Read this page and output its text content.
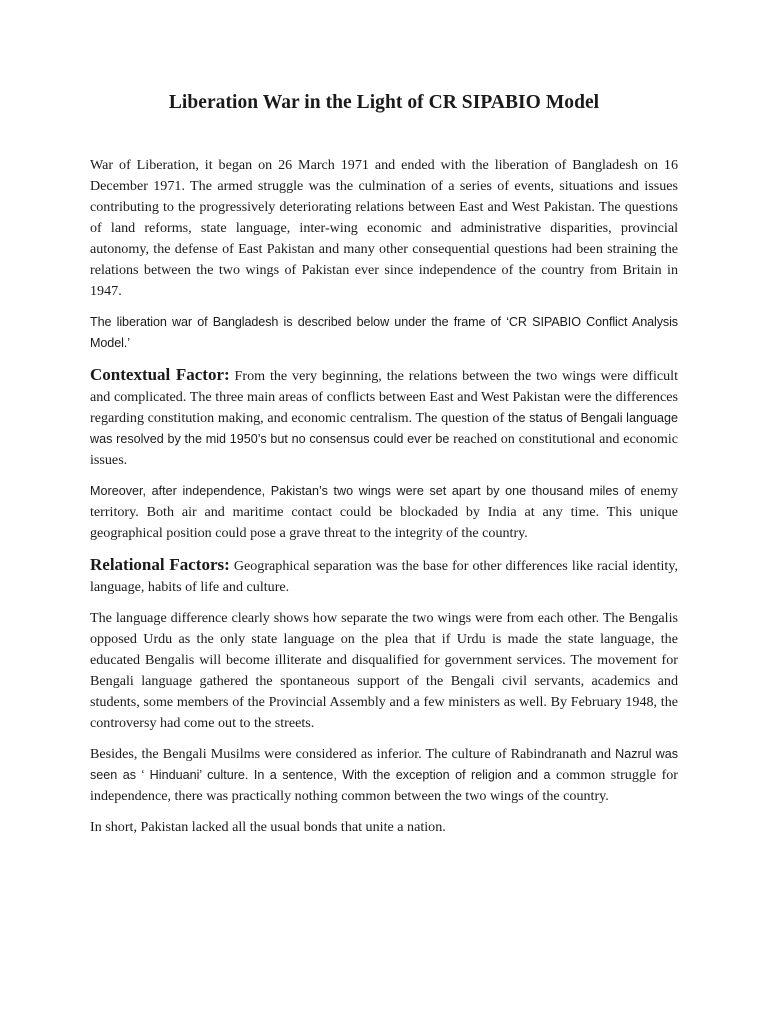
Liberation War in the Light of CR SIPABIO Model

War of Liberation, it began on 26 March 1971 and ended with the liberation of Bangladesh on 16 December 1971. The armed struggle was the culmination of a series of events, situations and issues contributing to the progressively deteriorating relations between East and West Pakistan. The questions of land reforms, state language, inter-wing economic and administrative disparities, provincial autonomy, the defense of East Pakistan and many other consequential questions had been straining the relations between the two wings of Pakistan ever since independence of the country from Britain in 1947.

The liberation war of Bangladesh is described below under the frame of ‘CR SIPABIO Conflict Analysis Model.’

Contextual Factor: From the very beginning, the relations between the two wings were difficult and complicated. The three main areas of conflicts between East and West Pakistan were the differences regarding constitution making, and economic centralism. The question of the status of Bengali language was resolved by the mid 1950’s but no consensus could ever be reached on constitutional and economic issues.

Moreover, after independence, Pakistan’s two wings were set apart by one thousand miles of enemy territory. Both air and maritime contact could be blockaded by India at any time. This unique geographical position could pose a grave threat to the integrity of the country.

Relational Factors: Geographical separation was the base for other differences like racial identity, language, habits of life and culture.

The language difference clearly shows how separate the two wings were from each other. The Bengalis opposed Urdu as the only state language on the plea that if Urdu is made the state language, the educated Bengalis will become illiterate and disqualified for government services. The movement for Bengali language gathered the spontaneous support of the Bengali civil servants, academics and students, some members of the Provincial Assembly and a few ministers as well. By February 1948, the controversy had come out to the streets.

Besides, the Bengali Musilms were considered as inferior. The culture of Rabindranath and Nazrul was seen as ‘ Hinduani’ culture. In a sentence, With the exception of religion and a common struggle for independence, there was practically nothing common between the two wings of the country.

In short, Pakistan lacked all the usual bonds that unite a nation.
